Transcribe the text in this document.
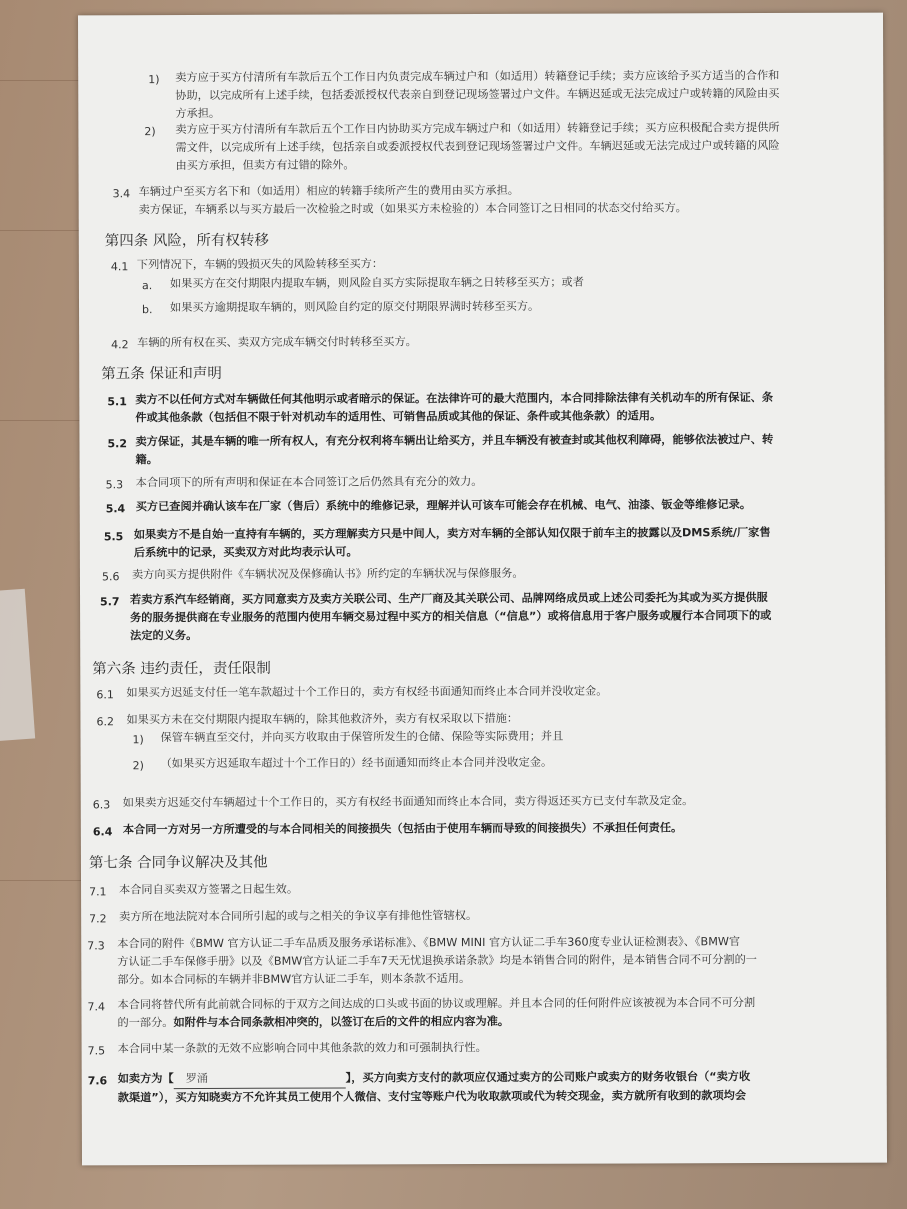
1) 卖方应于买方付清所有车款后五个工作日内负责完成车辆过户和（如适用）转籍登记手续；卖方应该给予买方适当的合作和
协助，以完成所有上述手续，包括委派授权代表亲自到登记现场签署过户文件。车辆迟延或无法完成过户或转籍的风险由买
方承担。
2) 卖方应于买方付清所有车款后五个工作日内协助买方完成车辆过户和（如适用）转籍登记手续；买方应积极配合卖方提供所
需文件，以完成所有上述手续，包括亲自或委派授权代表到登记现场签署过户文件。车辆迟延或无法完成过户或转籍的风险
由买方承担，但卖方有过错的除外。
3.4 车辆过户至买方名下和（如适用）相应的转籍手续所产生的费用由买方承担。
卖方保证，车辆系以与买方最后一次检验之时或（如果买方未检验的）本合同签订之日相同的状态交付给买方。
第四条 风险，所有权转移
4.1 下列情况下，车辆的毁损灭失的风险转移至买方：
a. 如果买方在交付期限内提取车辆，则风险自买方实际提取车辆之日转移至买方；或者
b. 如果买方逾期提取车辆的，则风险自约定的原交付期限界满时转移至买方。
4.2 车辆的所有权在买、卖双方完成车辆交付时转移至买方。
第五条 保证和声明
5.1 卖方不以任何方式对车辆做任何其他明示或者暗示的保证。在法律许可的最大范围内，本合同排除法律有关机动车的所有保证、条
件或其他条款（包括但不限于针对机动车的适用性、可销售品质或其他的保证、条件或其他条款）的适用。
5.2 卖方保证，其是车辆的唯一所有权人，有充分权利将车辆出让给买方，并且车辆没有被查封或其他权利障碍，能够依法被过户、转
籍。
5.3 本合同项下的所有声明和保证在本合同签订之后仍然具有充分的效力。
5.4 买方已查阅并确认该车在厂家（售后）系统中的维修记录，理解并认可该车可能会存在机械、电气、油漆、钣金等维修记录。
5.5 如果卖方不是自始一直持有车辆的，买方理解卖方只是中间人，卖方对车辆的全部认知仅限于前车主的披露以及DMS系统/厂家售
后系统中的记录，买卖双方对此均表示认可。
5.6 卖方向买方提供附件《车辆状况及保修确认书》所约定的车辆状况与保修服务。
5.7 若卖方系汽车经销商，买方同意卖方及卖方关联公司、生产厂商及其关联公司、品牌网络成员或上述公司委托为其或为买方提供服
务的服务提供商在专业服务的范围内使用车辆交易过程中买方的相关信息（“信息”）或将信息用于客户服务或履行本合同项下的或
法定的义务。
第六条 违约责任，责任限制
6.1 如果买方迟延支付任一笔车款超过十个工作日的，卖方有权经书面通知而终止本合同并没收定金。
6.2 如果买方未在交付期限内提取车辆的，除其他救济外，卖方有权采取以下措施：
1) 保管车辆直至交付，并向买方收取由于保管所发生的仓储、保险等实际费用；并且
2) （如果买方迟延取车超过十个工作日的）经书面通知而终止本合同并没收定金。
6.3 如果卖方迟延交付车辆超过十个工作日的，买方有权经书面通知而终止本合同，卖方得返还买方已支付车款及定金。
6.4 本合同一方对另一方所遭受的与本合同相关的间接损失（包括由于使用车辆而导致的间接损失）不承担任何责任。
第七条 合同争议解决及其他
7.1 本合同自买卖双方签署之日起生效。
7.2 卖方所在地法院对本合同所引起的或与之相关的争议享有排他性管辖权。
7.3 本合同的附件《BMW 官方认证二手车品质及服务承诺标准》、《BMW MINI 官方认证二手车360度专业认证检测表》、《BMW官
方认证二手车保修手册》以及《BMW官方认证二手车7天无忧退换承诺条款》均是本销售合同的附件，是本销售合同不可分割的一
部分。如本合同标的车辆并非BMW官方认证二手车，则本条款不适用。
7.4 本合同将替代所有此前就合同标的于双方之间达成的口头或书面的协议或理解。并且本合同的任何附件应该被视为本合同不可分割
的一部分。如附件与本合同条款相冲突的，以签订在后的文件的相应内容为准。
7.5 本合同中某一条款的无效不应影响合同中其他条款的效力和可强制执行性。
7.6 如卖方为【 罗涌	】，买方向卖方支付的款项应仅通过卖方的公司账户或卖方的财务收银台（“卖方收
款渠道”），买方知晓卖方不允许其员工使用个人微信、支付宝等账户代为收取款项或代为转交现金，卖方就所有收到的款项均会
